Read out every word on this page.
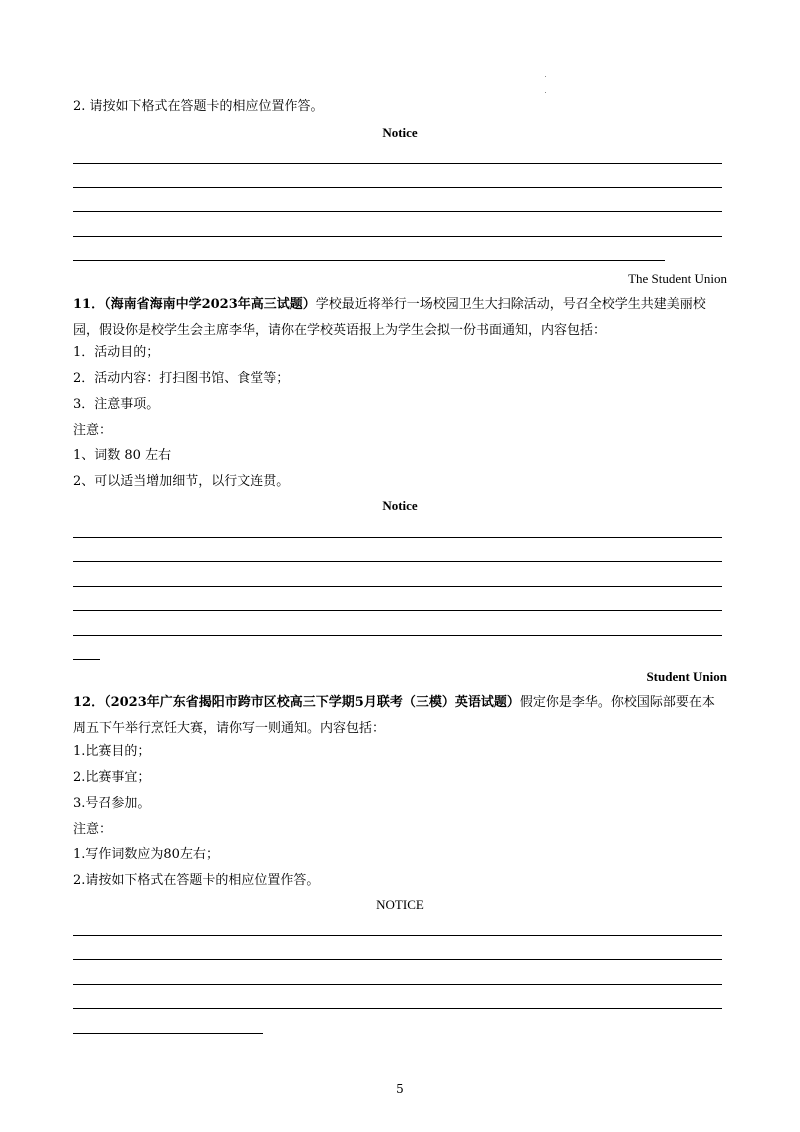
2. 请按如下格式在答题卡的相应位置作答。
Notice
The Student Union
11．（海南省海南中学2023年高三试题）学校最近将举行一场校园卫生大扫除活动，号召全校学生共建美丽校园，假设你是校学生会主席李华，请你在学校英语报上为学生会拟一份书面通知，内容包括：
1．活动目的；
2．活动内容：打扫图书馆、食堂等；
3．注意事项。
注意：
1、词数 80 左右
2、可以适当增加细节，以行文连贯。
Notice
Student Union
12．（2023年广东省揭阳市跨市区校高三下学期5月联考（三模）英语试题）假定你是李华。你校国际部要在本周五下午举行烹饪大赛，请你写一则通知。内容包括：
1.比赛目的；
2.比赛事宜；
3.号召参加。
注意：
1.写作词数应为80左右；
2.请按如下格式在答题卡的相应位置作答。
NOTICE
5
